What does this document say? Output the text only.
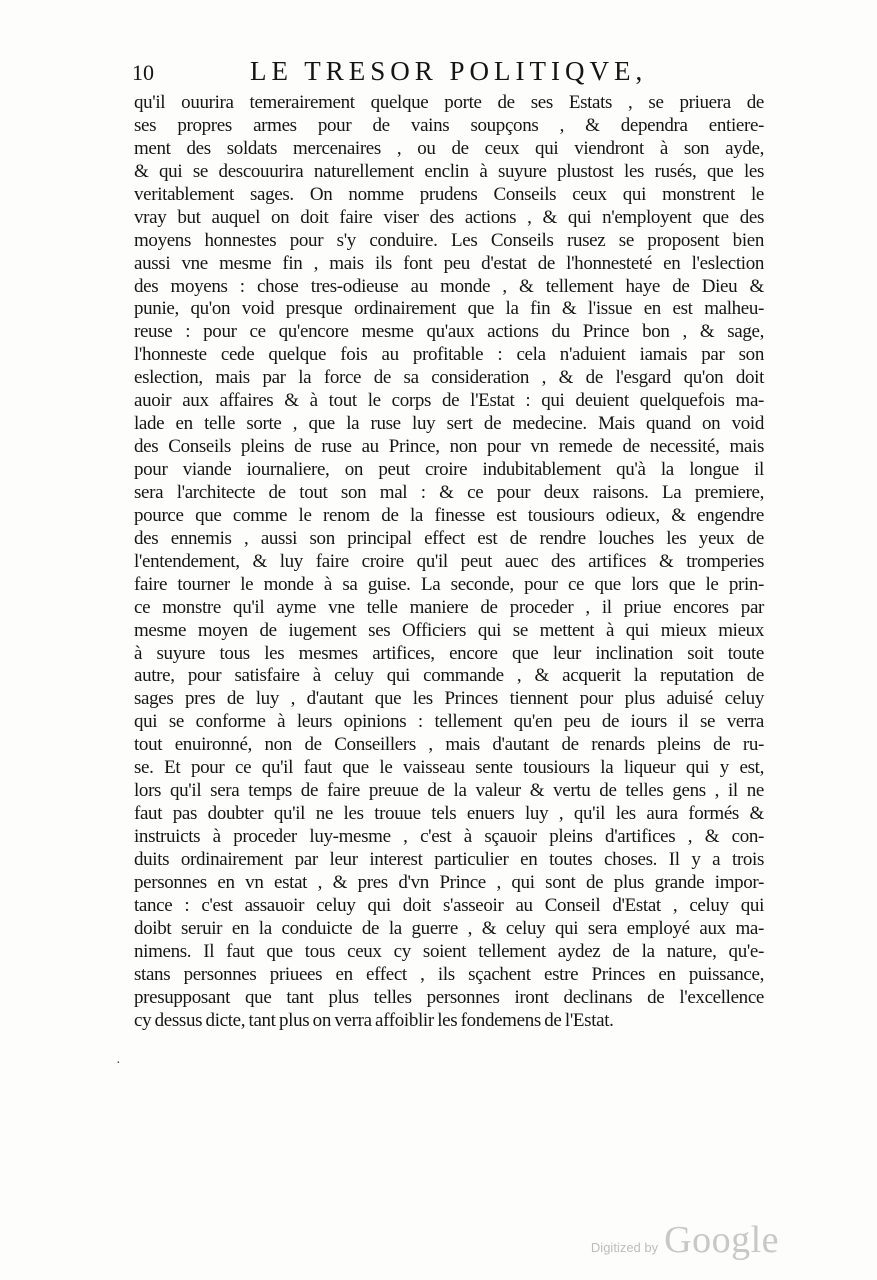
10	LE TRESOR POLITIQVE,
qu'il ouurira temerairement quelque porte de ses Estats , se priuera de
ses propres armes pour de vains soupçons , & dependra entiere-
ment des soldats mercenaires , ou de ceux qui viendront à son ayde,
& qui se descouurira naturellement enclin à suyure plustost les rusés, que les
veritablement sages. On nomme prudens Conseils ceux qui monstrent le
vray but auquel on doit faire viser des actions , & qui n'employent que des
moyens honnestes pour s'y conduire. Les Conseils rusez se proposent bien
aussi vne mesme fin , mais ils font peu d'estat de l'honnesteté en l'eslection
des moyens : chose tres-odieuse au monde , & tellement haye de Dieu &
punie, qu'on void presque ordinairement que la fin & l'issue en est malheu-
reuse : pour ce qu'encore mesme qu'aux actions du Prince bon , & sage,
l'honneste cede quelque fois au profitable : cela n'aduient iamais par son
eslection, mais par la force de sa consideration , & de l'esgard qu'on doit
auoir aux affaires & à tout le corps de l'Estat : qui deuient quelquefois ma-
lade en telle sorte , que la ruse luy sert de medecine. Mais quand on void
des Conseils pleins de ruse au Prince, non pour vn remede de necessité, mais
pour viande iournaliere, on peut croire indubitablement qu'à la longue il
sera l'architecte de tout son mal : & ce pour deux raisons. La premiere,
pource que comme le renom de la finesse est tousiours odieux, & engendre
des ennemis , aussi son principal effect est de rendre louches les yeux de
l'entendement, & luy faire croire qu'il peut auec des artifices & tromperies
faire tourner le monde à sa guise. La seconde, pour ce que lors que le prin-
ce monstre qu'il ayme vne telle maniere de proceder , il priue encores par
mesme moyen de iugement ses Officiers qui se mettent à qui mieux mieux
à suyure tous les mesmes artifices, encore que leur inclination soit toute
autre, pour satisfaire à celuy qui commande , & acquerit la reputation de
sages pres de luy , d'autant que les Princes tiennent pour plus aduisé celuy
qui se conforme à leurs opinions : tellement qu'en peu de iours il se verra
tout enuironné, non de Conseillers , mais d'autant de renards pleins de ru-
se. Et pour ce qu'il faut que le vaisseau sente tousiours la liqueur qui y est,
lors qu'il sera temps de faire preuue de la valeur & vertu de telles gens , il ne
faut pas doubter qu'il ne les trouue tels enuers luy , qu'il les aura formés &
instruicts à proceder luy-mesme , c'est à sçauoir pleins d'artifices , & con-
duits ordinairement par leur interest particulier en toutes choses. Il y a trois
personnes en vn estat , & pres d'vn Prince , qui sont de plus grande impor-
tance : c'est assauoir celuy qui doit s'asseoir au Conseil d'Estat , celuy qui
doibt seruir en la conduicte de la guerre , & celuy qui sera employé aux ma-
nimens. Il faut que tous ceux cy soient tellement aydez de la nature, qu'e-
stans personnes priuees en effect , ils sçachent estre Princes en puissance,
presupposant que tant plus telles personnes iront declinans de l'excellence
cy dessus dicte, tant plus on verra affoiblir les fondemens de l'Estat.
·
Digitized by Google
